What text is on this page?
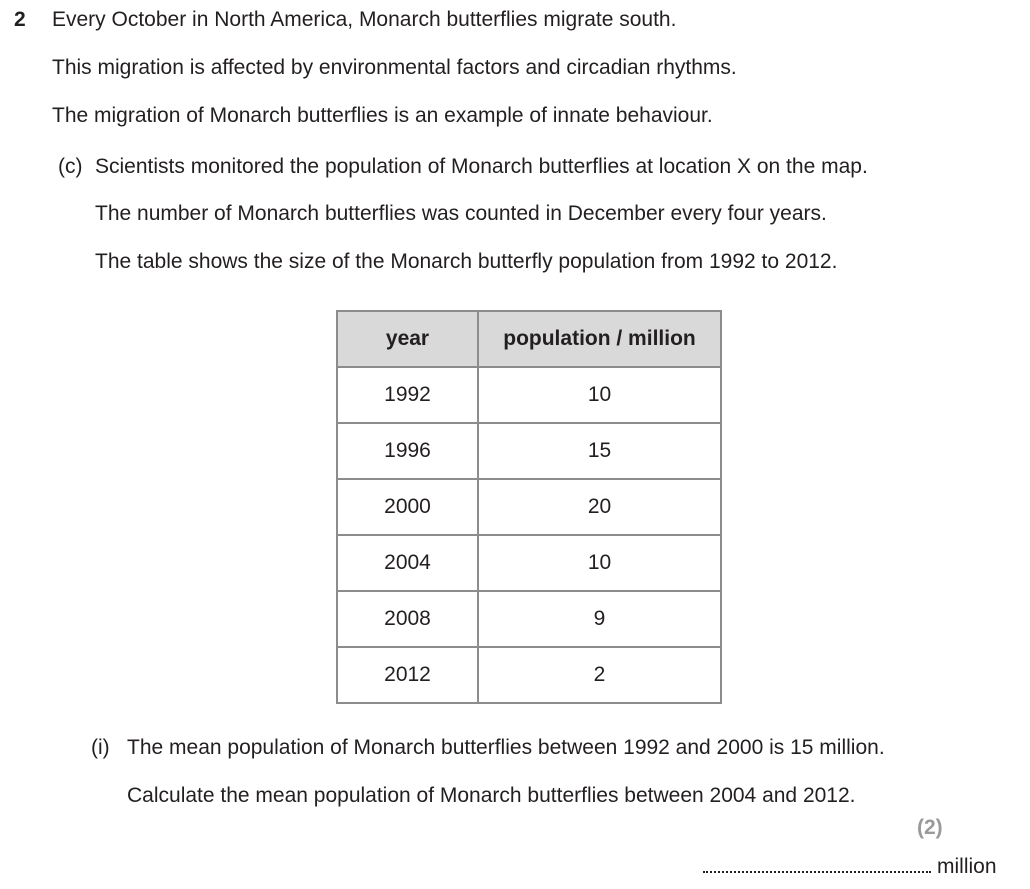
2 Every October in North America, Monarch butterflies migrate south.
This migration is affected by environmental factors and circadian rhythms.
The migration of Monarch butterflies is an example of innate behaviour.
(c) Scientists monitored the population of Monarch butterflies at location X on the map.
The number of Monarch butterflies was counted in December every four years.
The table shows the size of the Monarch butterfly population from 1992 to 2012.
year	population / million
1992	10
1996	15
2000	20
2004	10
2008	9
2012	2
(i) The mean population of Monarch butterflies between 1992 and 2000 is 15 million.
Calculate the mean population of Monarch butterflies between 2004 and 2012.
(2)
million
